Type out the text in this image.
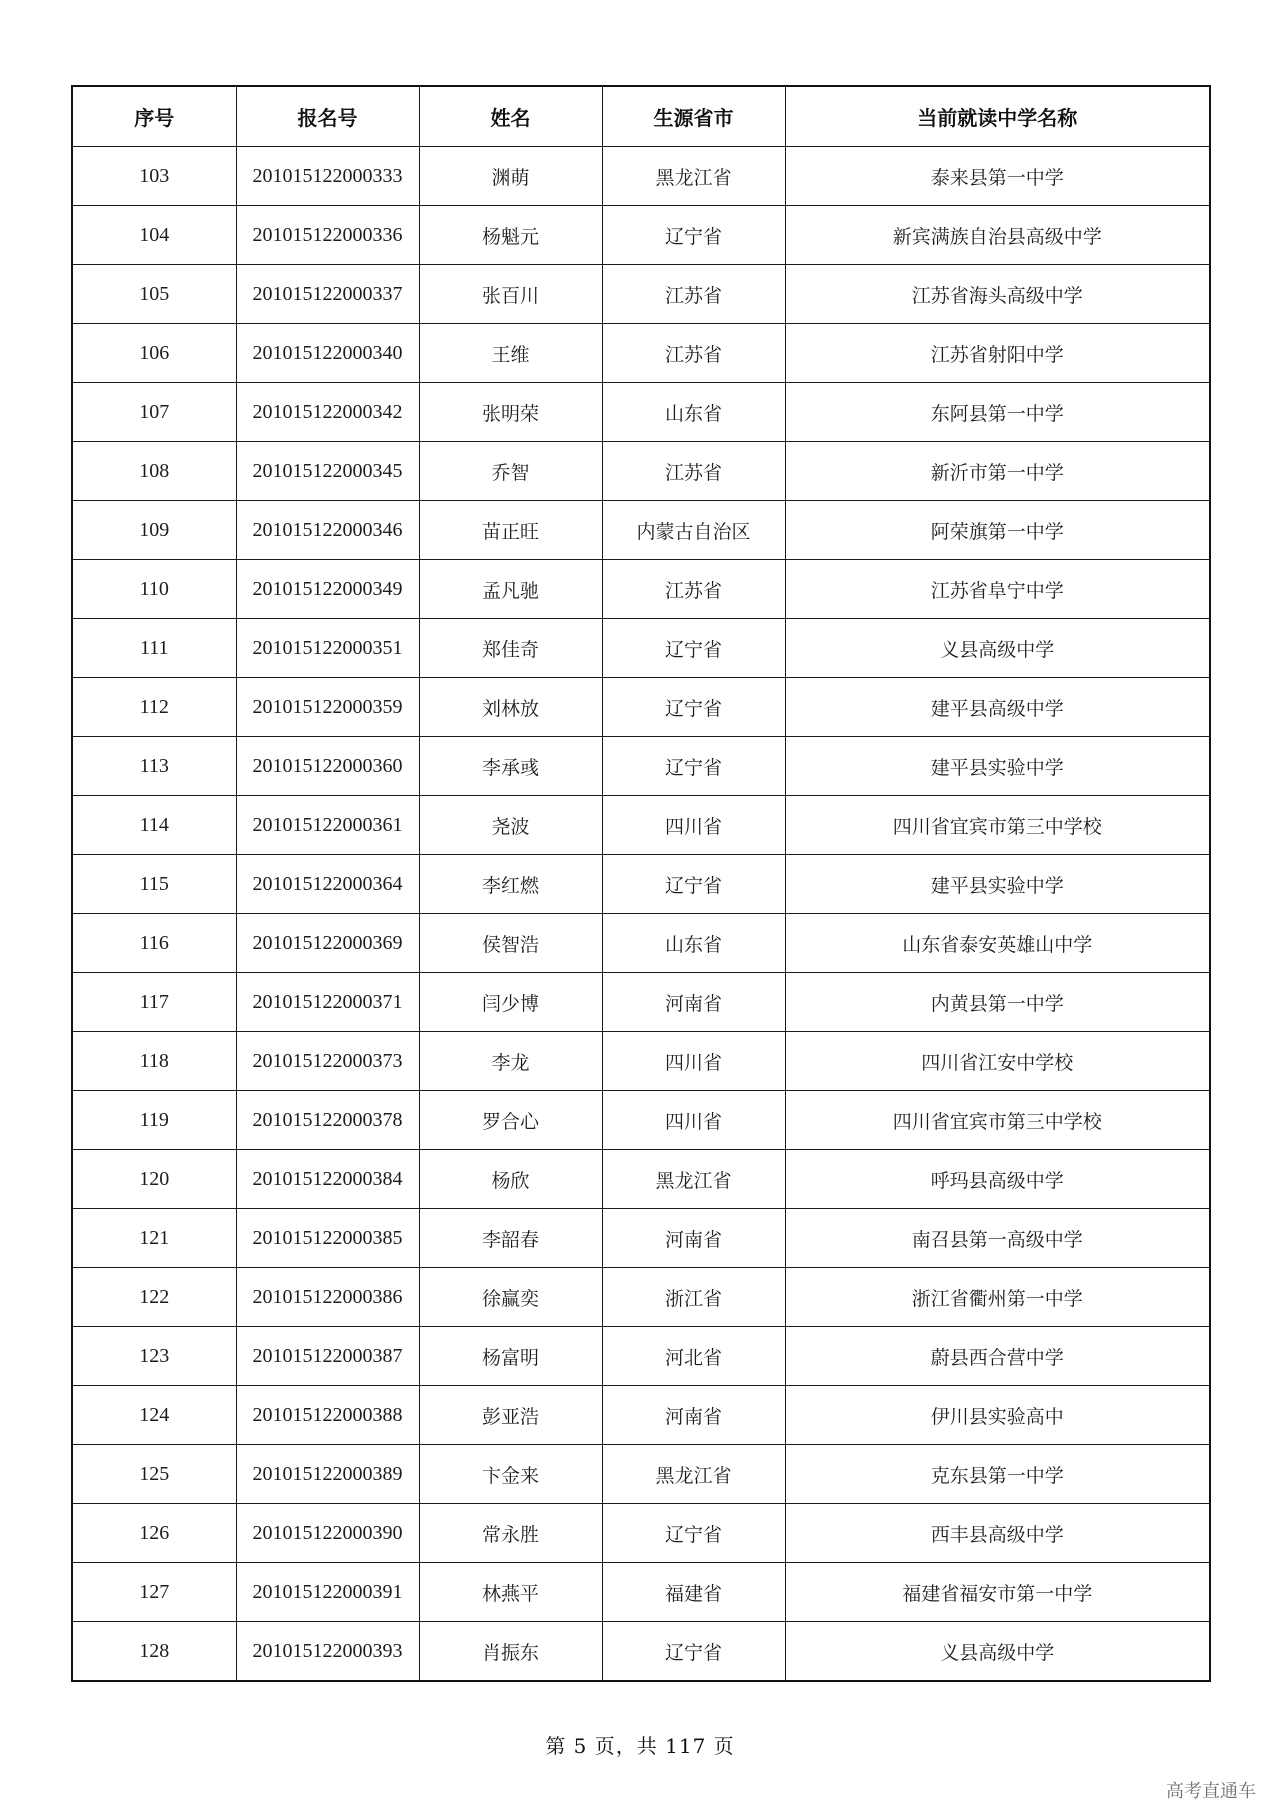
序号	报名号	姓名	生源省市	当前就读中学名称
103	201015122000333	渊萌	黑龙江省	泰来县第一中学
104	201015122000336	杨魁元	辽宁省	新宾满族自治县高级中学
105	201015122000337	张百川	江苏省	江苏省海头高级中学
106	201015122000340	王维	江苏省	江苏省射阳中学
107	201015122000342	张明荣	山东省	东阿县第一中学
108	201015122000345	乔智	江苏省	新沂市第一中学
109	201015122000346	苗正旺	内蒙古自治区	阿荣旗第一中学
110	201015122000349	孟凡驰	江苏省	江苏省阜宁中学
111	201015122000351	郑佳奇	辽宁省	义县高级中学
112	201015122000359	刘林放	辽宁省	建平县高级中学
113	201015122000360	李承彧	辽宁省	建平县实验中学
114	201015122000361	尧波	四川省	四川省宜宾市第三中学校
115	201015122000364	李红燃	辽宁省	建平县实验中学
116	201015122000369	侯智浩	山东省	山东省泰安英雄山中学
117	201015122000371	闫少博	河南省	内黄县第一中学
118	201015122000373	李龙	四川省	四川省江安中学校
119	201015122000378	罗合心	四川省	四川省宜宾市第三中学校
120	201015122000384	杨欣	黑龙江省	呼玛县高级中学
121	201015122000385	李韶春	河南省	南召县第一高级中学
122	201015122000386	徐赢奕	浙江省	浙江省衢州第一中学
123	201015122000387	杨富明	河北省	蔚县西合营中学
124	201015122000388	彭亚浩	河南省	伊川县实验高中
125	201015122000389	卞金来	黑龙江省	克东县第一中学
126	201015122000390	常永胜	辽宁省	西丰县高级中学
127	201015122000391	林燕平	福建省	福建省福安市第一中学
128	201015122000393	肖振东	辽宁省	义县高级中学
第 5 页，共 117 页
高考直通车
